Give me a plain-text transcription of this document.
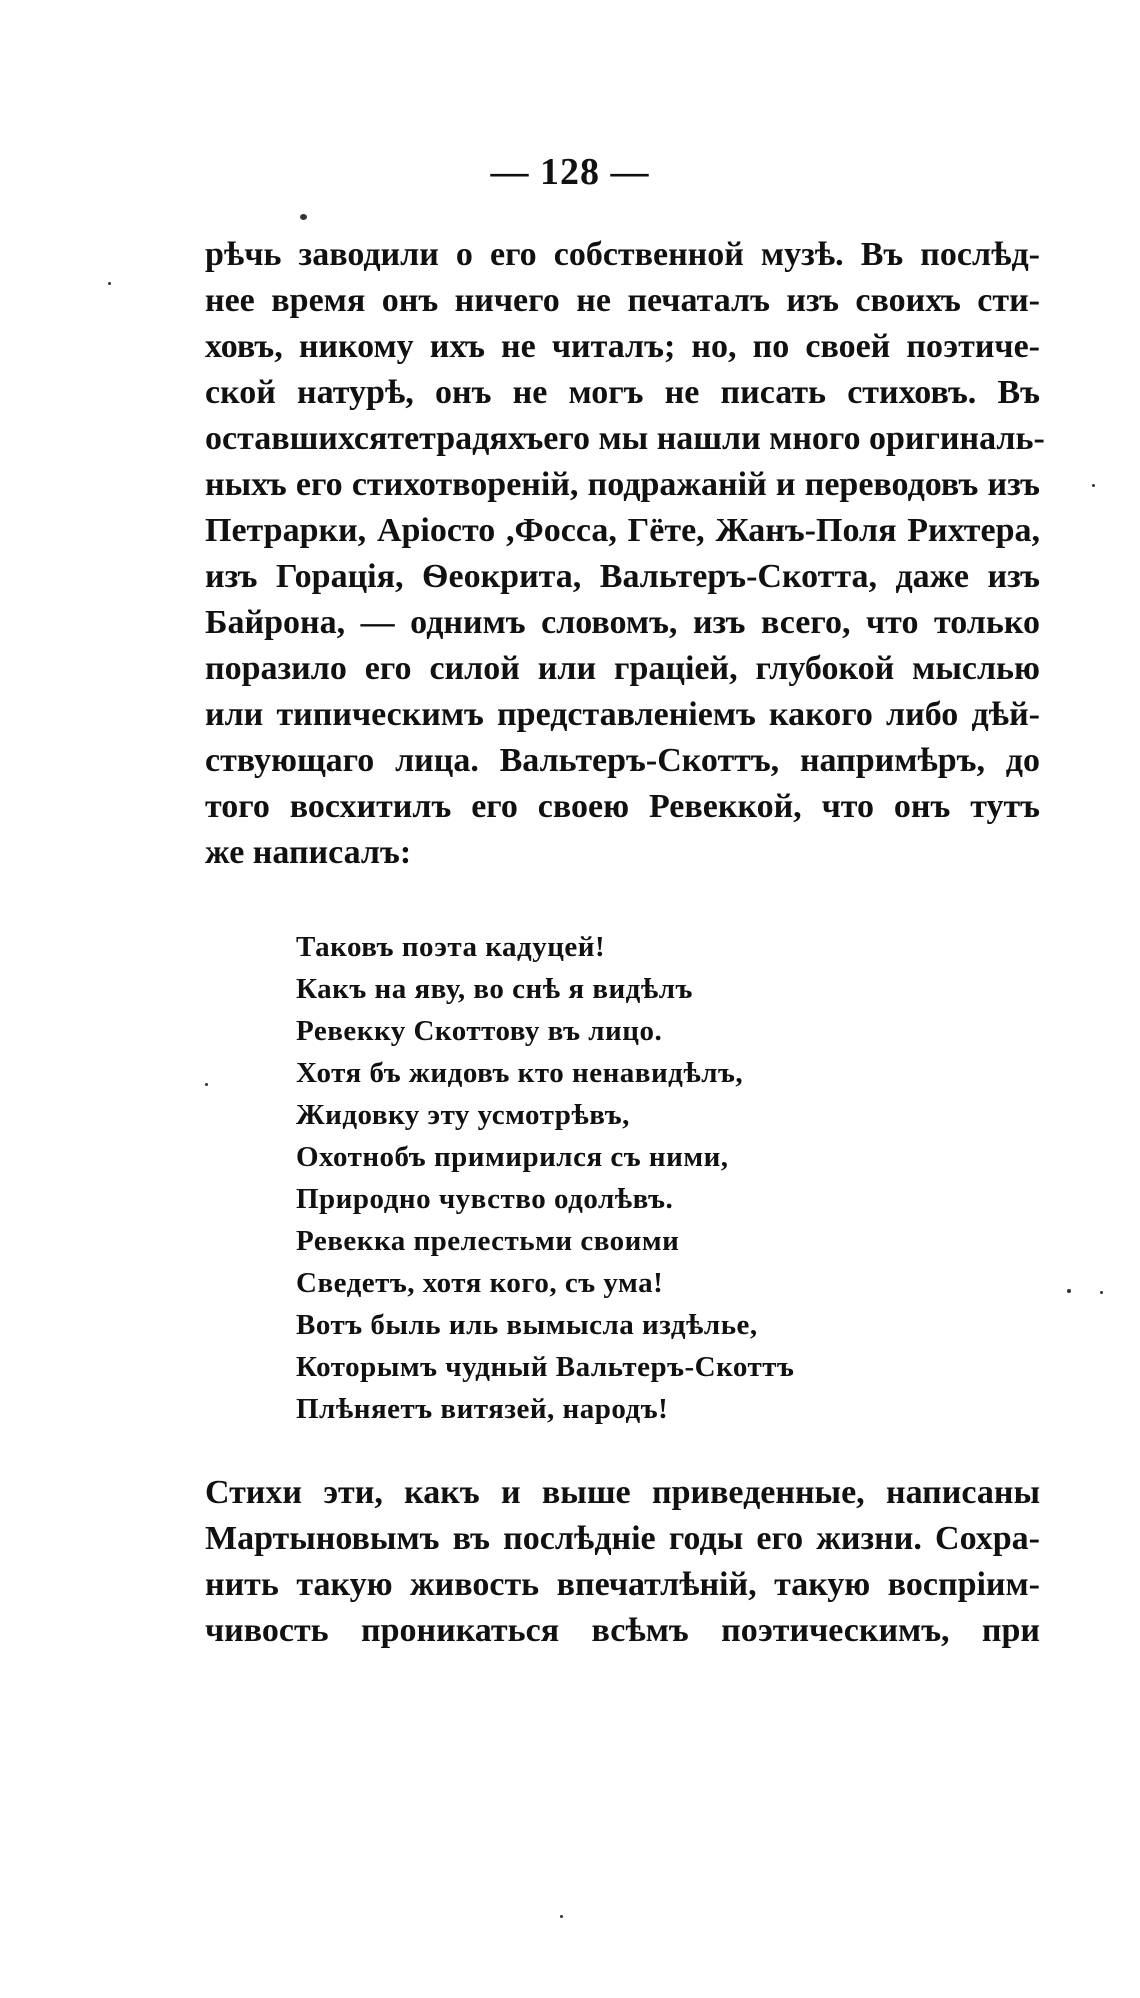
— 128 —
рѣчь заводили о его собственной музѣ. Въ послѣд-
нее время онъ ничего не печаталъ изъ своихъ сти-
ховъ, никому ихъ не читалъ; но, по своей поэтиче-
ской натурѣ, онъ не могъ не писать стиховъ. Въ
оставшихсятетрадяхъего мы нашли много оригиналь-
ныхъ его стихотвореній, подражаній и переводовъ изъ
Петрарки, Аріосто ,Фосса, Гёте, Жанъ-Поля Рихтера,
изъ Горація, Ѳеокрита, Вальтеръ-Скотта, даже изъ
Байрона, — однимъ словомъ, изъ всего, что только
поразило его силой или граціей, глубокой мыслью
или типическимъ представленіемъ какого либо дѣй-
ствующаго лица. Вальтеръ-Скоттъ, напримѣръ, до
того восхитилъ его своею Ревеккой, что онъ тутъ
же написалъ:
Таковъ поэта кадуцей!
Какъ на яву, во снѣ я видѣлъ
Ревекку Скоттову въ лицо.
Хотя бъ жидовъ кто ненавидѣлъ,
Жидовку эту усмотрѣвъ,
Охотнобъ примирился съ ними,
Природно чувство одолѣвъ.
Ревекка прелестьми своими
Сведетъ, хотя кого, съ ума!
Вотъ быль иль вымысла издѣлье,
Которымъ чудный Вальтеръ-Скоттъ
Плѣняетъ витязей, народъ!
Стихи эти, какъ и выше приведенные, написаны
Мартыновымъ въ послѣдніе годы его жизни. Сохра-
нить такую живость впечатлѣній, такую воспріим-
чивость проникаться всѣмъ поэтическимъ, при
